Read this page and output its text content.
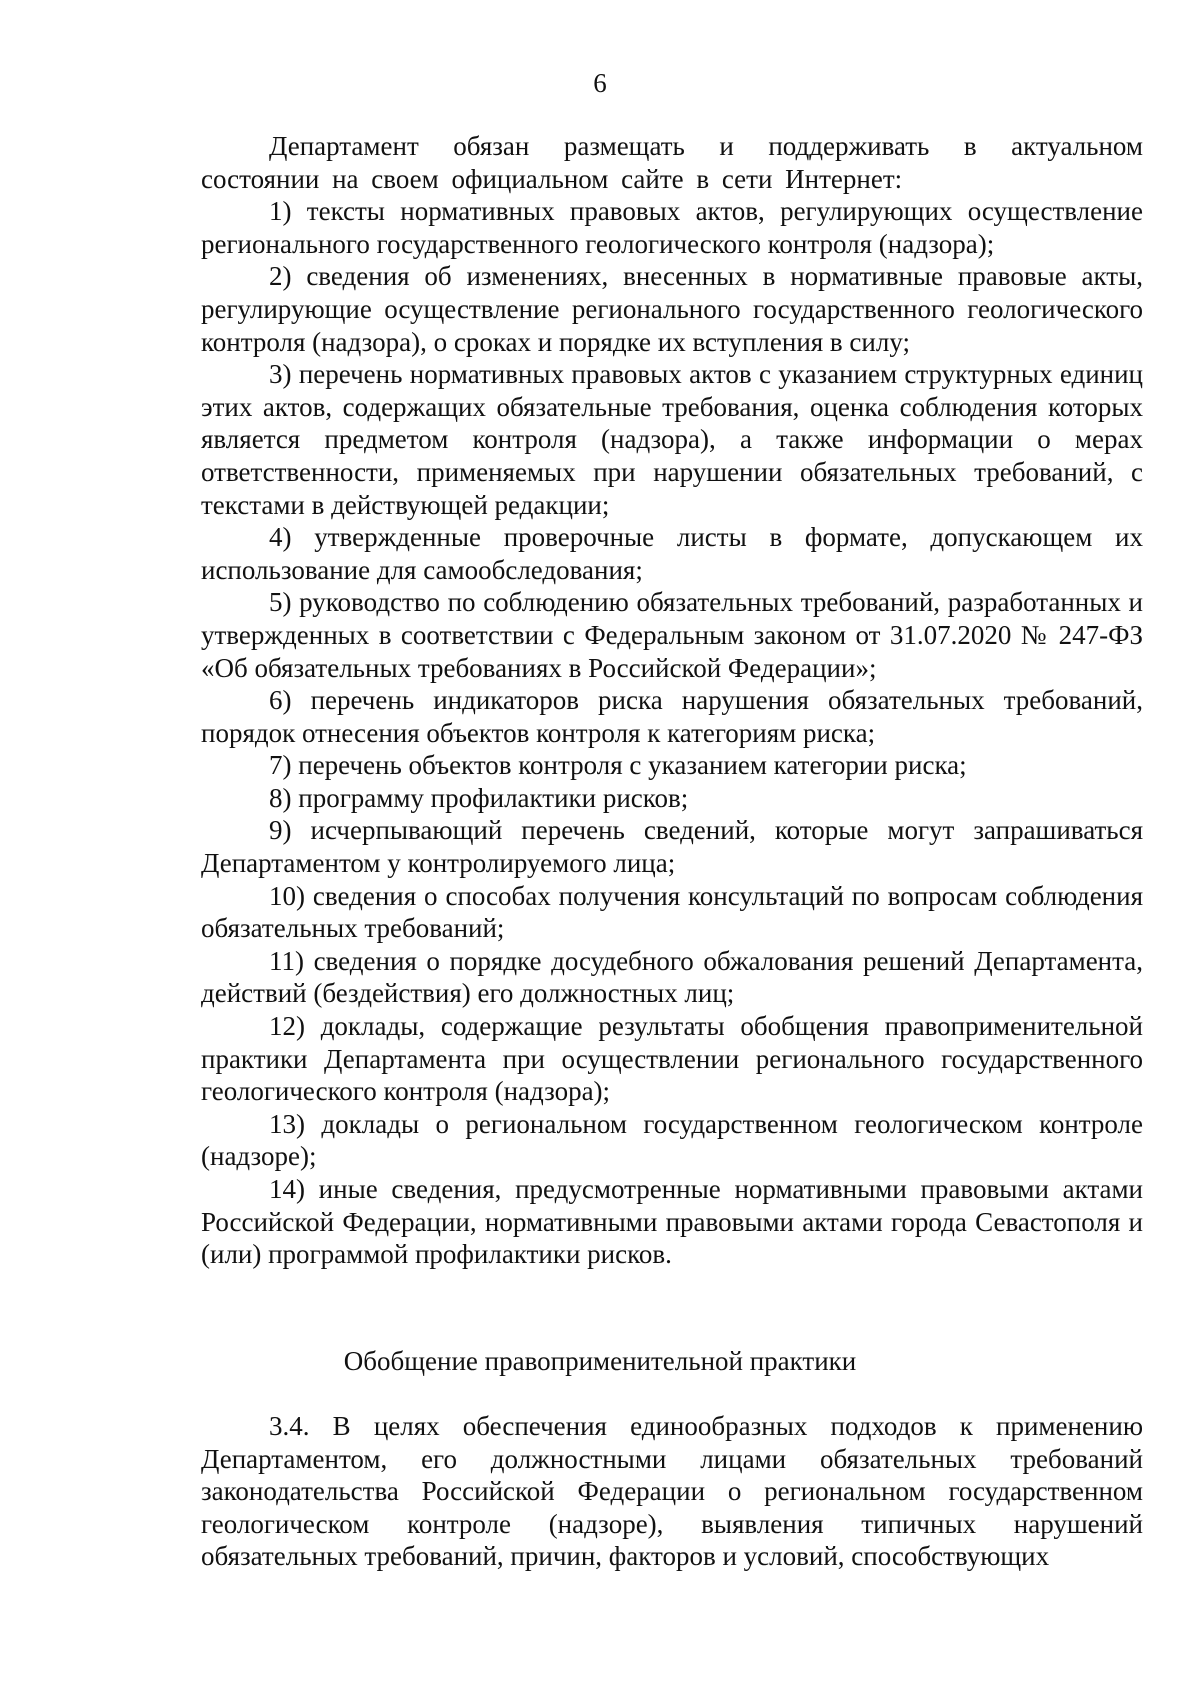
6

Департамент обязан размещать и поддерживать в актуальном состоянии на своем официальном сайте в сети Интернет:

1) тексты нормативных правовых актов, регулирующих осуществление регионального государственного геологического контроля (надзора);

2) сведения об изменениях, внесенных в нормативные правовые акты, регулирующие осуществление регионального государственного геологического контроля (надзора), о сроках и порядке их вступления в силу;

3) перечень нормативных правовых актов с указанием структурных единиц этих актов, содержащих обязательные требования, оценка соблюдения которых является предметом контроля (надзора), а также информации о мерах ответственности, применяемых при нарушении обязательных требований, с текстами в действующей редакции;

4) утвержденные проверочные листы в формате, допускающем их использование для самообследования;

5) руководство по соблюдению обязательных требований, разработанных и утвержденных в соответствии с Федеральным законом от 31.07.2020 № 247-ФЗ «Об обязательных требованиях в Российской Федерации»;

6) перечень индикаторов риска нарушения обязательных требований, порядок отнесения объектов контроля к категориям риска;

7) перечень объектов контроля с указанием категории риска;

8) программу профилактики рисков;

9) исчерпывающий перечень сведений, которые могут запрашиваться Департаментом у контролируемого лица;

10) сведения о способах получения консультаций по вопросам соблюдения обязательных требований;

11) сведения о порядке досудебного обжалования решений Департамента, действий (бездействия) его должностных лиц;

12) доклады, содержащие результаты обобщения правоприменительной практики Департамента при осуществлении регионального государственного геологического контроля (надзора);

13) доклады о региональном государственном геологическом контроле (надзоре);

14) иные сведения, предусмотренные нормативными правовыми актами Российской Федерации, нормативными правовыми актами города Севастополя и (или) программой профилактики рисков.

Обобщение правоприменительной практики

3.4. В целях обеспечения единообразных подходов к применению Департаментом, его должностными лицами обязательных требований законодательства Российской Федерации о региональном государственном геологическом контроле (надзоре), выявления типичных нарушений обязательных требований, причин, факторов и условий, способствующих
